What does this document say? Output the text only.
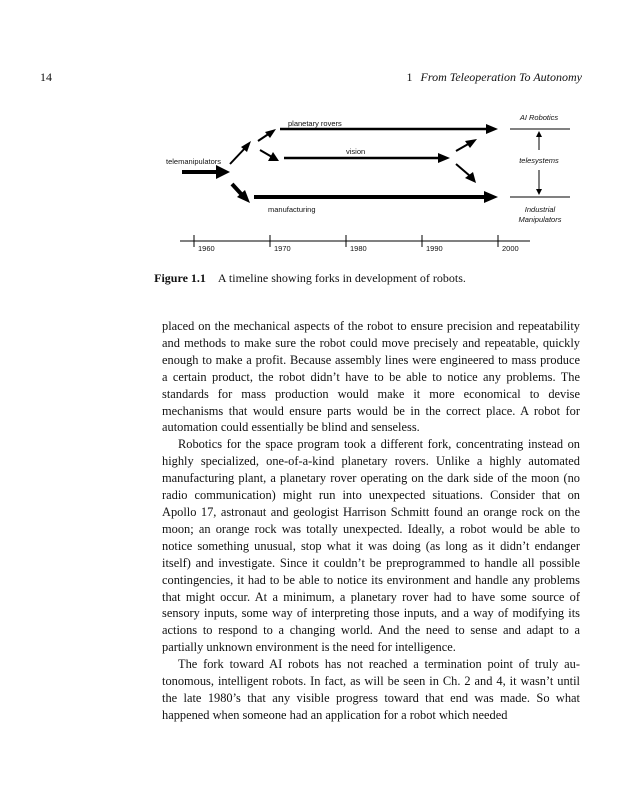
14	1 From Teleoperation To Autonomy
planetary rovers
vision
telemanipulators
manufacturing
AI Robotics
telesystems
Industrial
Manipulators
1960	1970	1980	1990	2000
Figure 1.1 A timeline showing forks in development of robots.

placed on the mechanical aspects of the robot to ensure precision and repeatability and methods to make sure the robot could move precisely and repeatable, quickly enough to make a profit. Because assembly lines were engineered to mass produce a certain product, the robot didn’t have to be able to notice any problems. The standards for mass production would make it more economical to devise mechanisms that would ensure parts would be in the correct place. A robot for automation could essentially be blind and senseless.

Robotics for the space program took a different fork, concentrating instead on highly specialized, one-of-a-kind planetary rovers. Unlike a highly automated manufacturing plant, a planetary rover operating on the dark side of the moon (no radio communication) might run into unexpected situations. Consider that on Apollo 17, astronaut and geologist Harrison Schmitt found an orange rock on the moon; an orange rock was totally unexpected. Ideally, a robot would be able to notice something unusual, stop what it was doing (as long as it didn’t endanger itself) and investigate. Since it couldn’t be preprogrammed to handle all possible contingencies, it had to be able to notice its environment and handle any problems that might occur. At a minimum, a planetary rover had to have some source of sensory inputs, some way of interpreting those inputs, and a way of modifying its actions to respond to a changing world. And the need to sense and adapt to a partially unknown environment is the need for intelligence.

The fork toward AI robots has not reached a termination point of truly autonomous, intelligent robots. In fact, as will be seen in Ch. 2 and 4, it wasn’t until the late 1980’s that any visible progress toward that end was made. So what happened when someone had an application for a robot which needed
